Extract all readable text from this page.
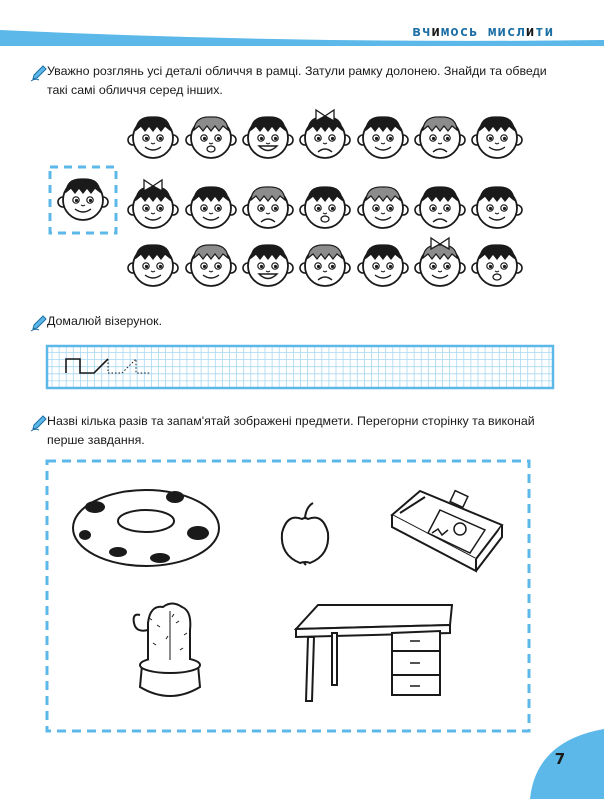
вчимось мислити
Уважно розглянь усі деталі обличчя в рамці. Затули рамку долонею. Знайди та обведи такі самі обличчя серед інших.
Домалюй візерунок.
Назві кілька разів та запам'ятай зображені предмети. Перегорни сторінку та виконай перше завдання.
7
